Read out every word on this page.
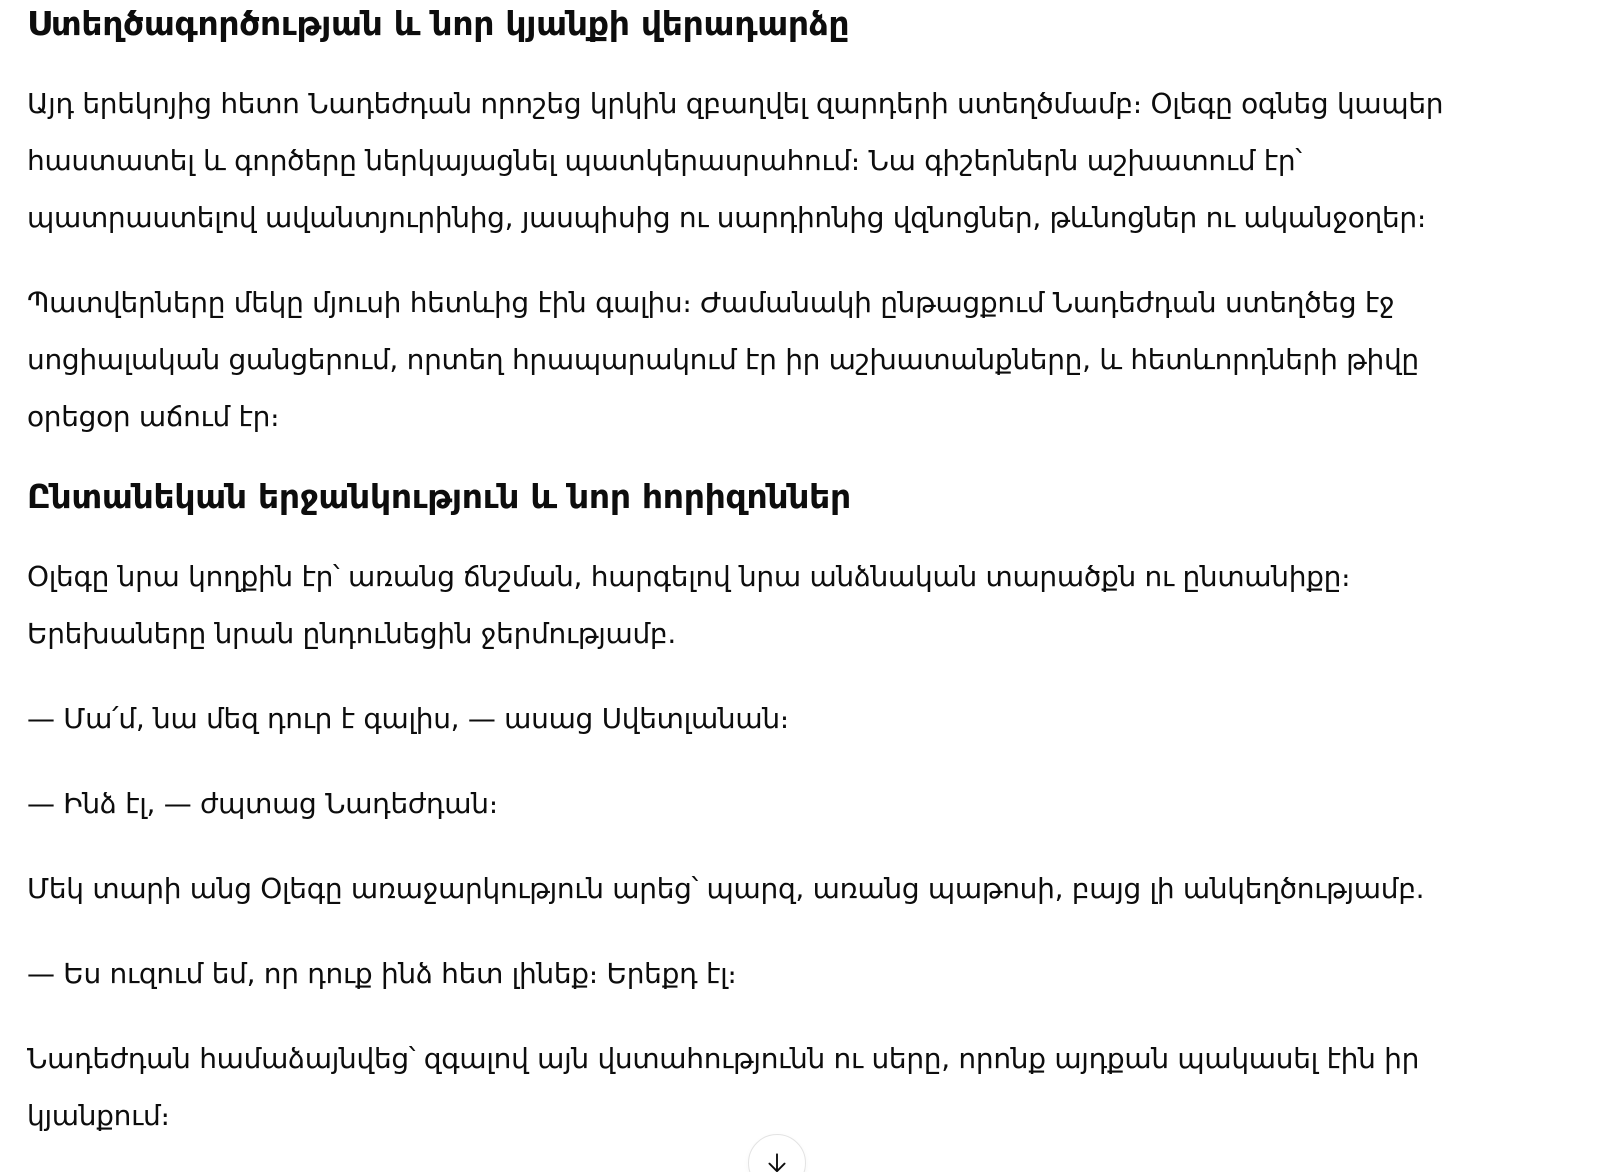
Ստեղծագործության և նոր կյանքի վերադարձը

Այդ երեկոյից հետո Նադեժդան որոշեց կրկին զբաղվել զարդերի ստեղծմամբ։ Օլեգը օգնեց կապեր հաստատել և գործերը ներկայացնել պատկերասրահում։ Նա գիշերներն աշխատում էր՝ պատրաստելով ավանտյուրինից, յասպիսից ու սարդիոնից վզնոցներ, թևնոցներ ու ականջօղեր։

Պատվերները մեկը մյուսի հետևից էին գալիս։ Ժամանակի ընթացքում Նադեժդան ստեղծեց էջ սոցիալական ցանցերում, որտեղ հրապարակում էր իր աշխատանքները, և հետևորդների թիվը օրեցօր աճում էր։

Ընտանեկան երջանկություն և նոր հորիզոններ

Օլեգը նրա կողքին էր՝ առանց ճնշման, հարգելով նրա անձնական տարածքն ու ընտանիքը։ Երեխաները նրան ընդունեցին ջերմությամբ.

— Մա՛մ, նա մեզ դուր է գալիս, — ասաց Սվետլանան։

— Ինձ էլ, — ժպտաց Նադեժդան։

Մեկ տարի անց Օլեգը առաջարկություն արեց՝ պարզ, առանց պաթոսի, բայց լի անկեղծությամբ.

— Ես ուզում եմ, որ դուք ինձ հետ լինեք։ Երեքդ էլ։

Նադեժդան համաձայնվեց՝ զգալով այն վստահությունն ու սերը, որոնք այդքան պակասել էին իր կյանքում։
